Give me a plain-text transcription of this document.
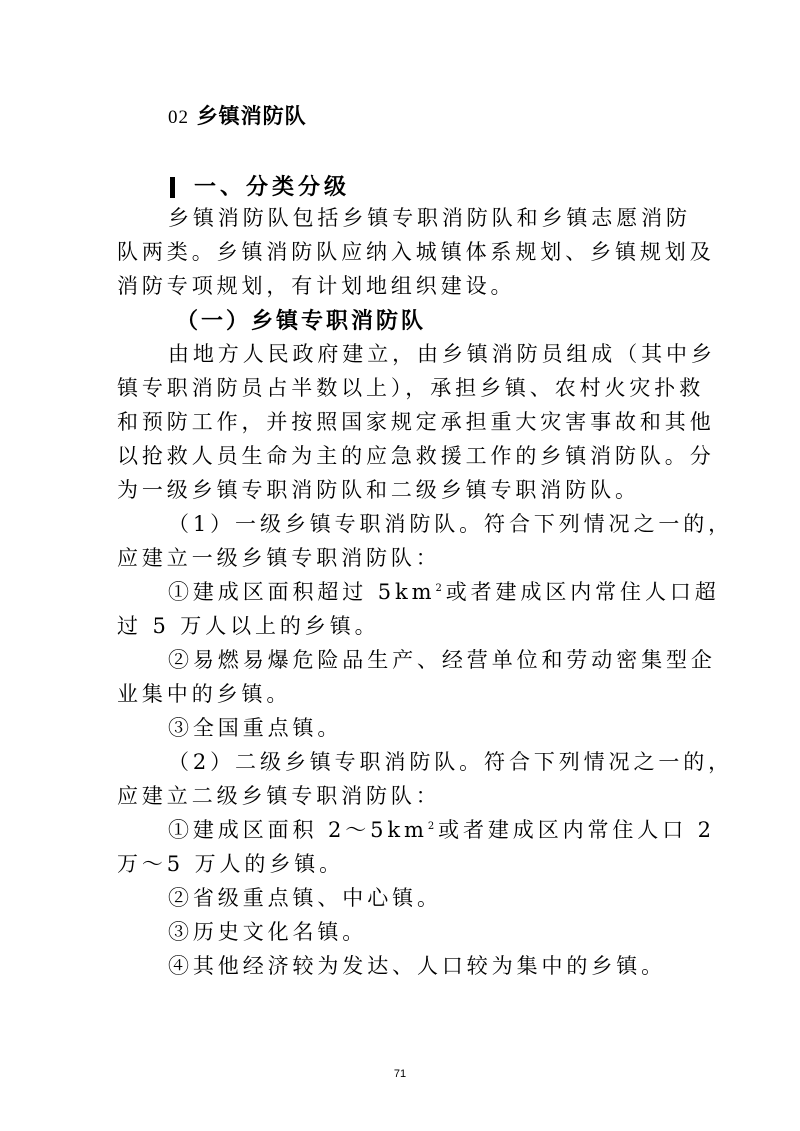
02 乡镇消防队
一、分类分级
乡镇消防队包括乡镇专职消防队和乡镇志愿消防
队两类。乡镇消防队应纳入城镇体系规划、乡镇规划及
消防专项规划，有计划地组织建设。
（一）乡镇专职消防队
由地方人民政府建立，由乡镇消防员组成（其中乡
镇专职消防员占半数以上），承担乡镇、农村火灾扑救
和预防工作，并按照国家规定承担重大灾害事故和其他
以抢救人员生命为主的应急救援工作的乡镇消防队。分
为一级乡镇专职消防队和二级乡镇专职消防队。
（1）一级乡镇专职消防队。符合下列情况之一的，
应建立一级乡镇专职消防队：
①建成区面积超过 $5km^2$或者建成区内常住人口超
过 5 万人以上的乡镇。
②易燃易爆危险品生产、经营单位和劳动密集型企
业集中的乡镇。
③全国重点镇。
（2）二级乡镇专职消防队。符合下列情况之一的，
应建立二级乡镇专职消防队：
①建成区面积 $2\sim 5km^2$或者建成区内常住人口 2
万～5 万人的乡镇。
②省级重点镇、中心镇。
③历史文化名镇。
④其他经济较为发达、人口较为集中的乡镇。
71
